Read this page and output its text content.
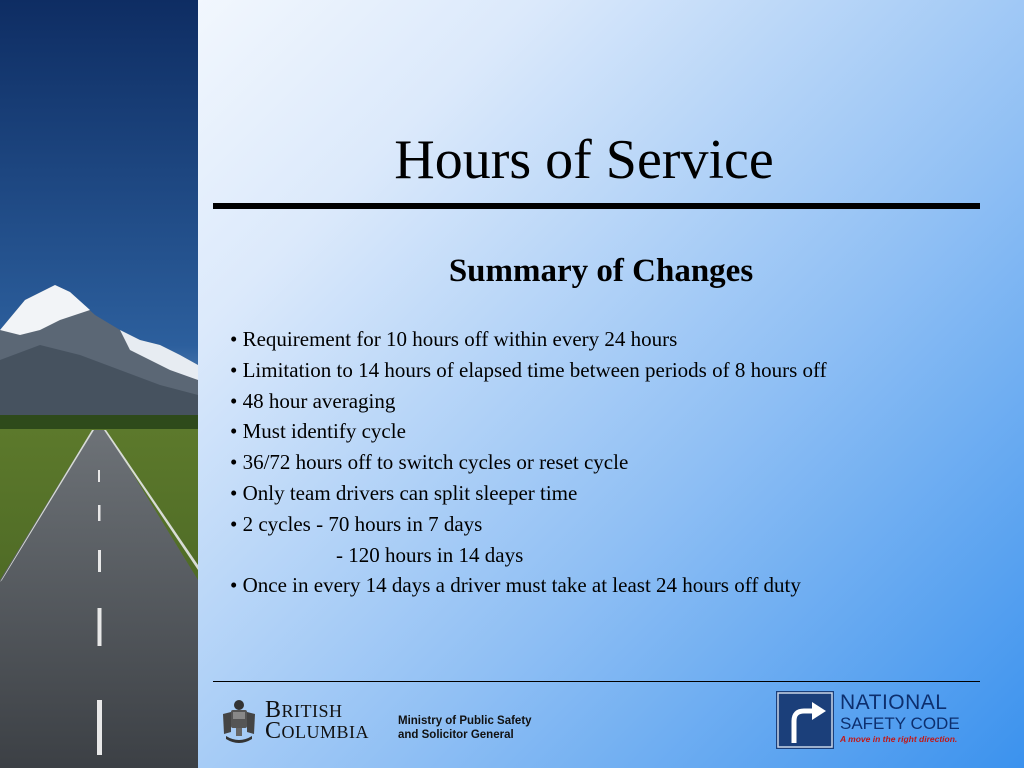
Hours of Service
Summary of Changes
• Requirement for 10 hours off within every 24 hours
• Limitation to 14 hours of elapsed time between periods of 8 hours off
• 48 hour averaging
• Must identify cycle
• 36/72 hours off to switch cycles or reset cycle
• Only team drivers can split sleeper time
• 2 cycles - 70 hours in 7 days
- 120 hours in 14 days
• Once in every 14 days a driver must take at least 24 hours off duty
BRITISH
COLUMBIA
Ministry of Public Safety
and Solicitor General
NATIONAL
SAFETY CODE
A move in the right direction.
